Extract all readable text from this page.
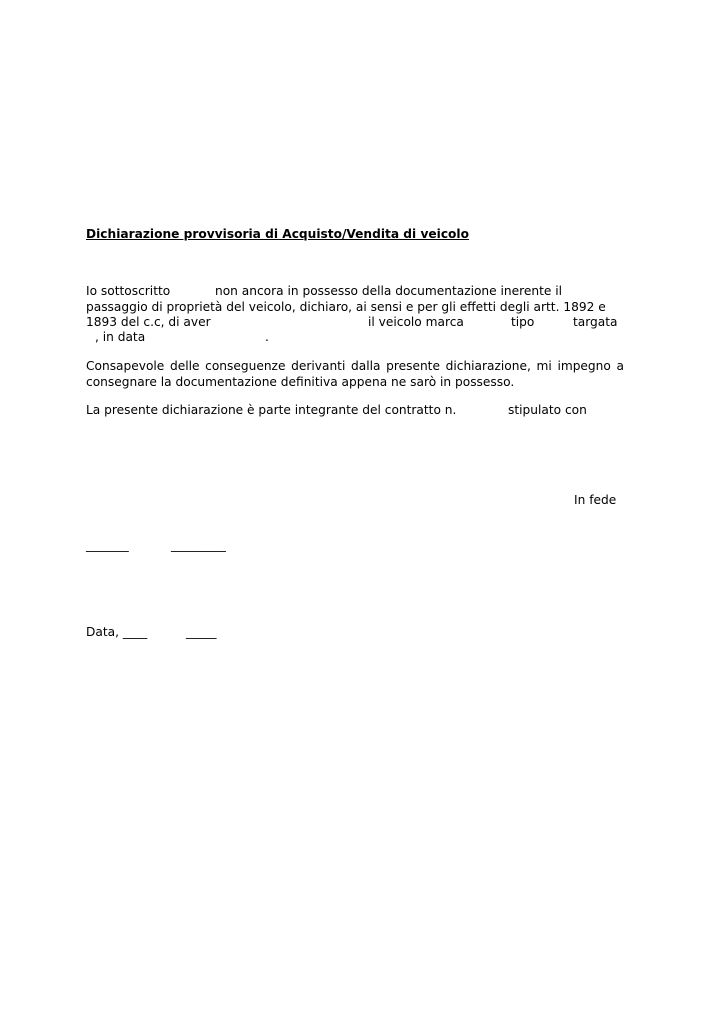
Dichiarazione provvisoria di Acquisto/Vendita di veicolo
Io sottoscritto	non ancora in possesso della documentazione inerente il
passaggio di proprietà del veicolo, dichiaro, ai sensi e per gli effetti degli artt. 1892 e
1893 del c.c, di aver	il veicolo marca	tipo	targata
, in data	.
Consapevole delle conseguenze derivanti dalla presente dichiarazione, mi impegno a consegnare la documentazione definitiva appena ne sarò in possesso.
La presente dichiarazione è parte integrante del contratto n.	stipulato con
In fede
_______	_________
Data, ____	_____
